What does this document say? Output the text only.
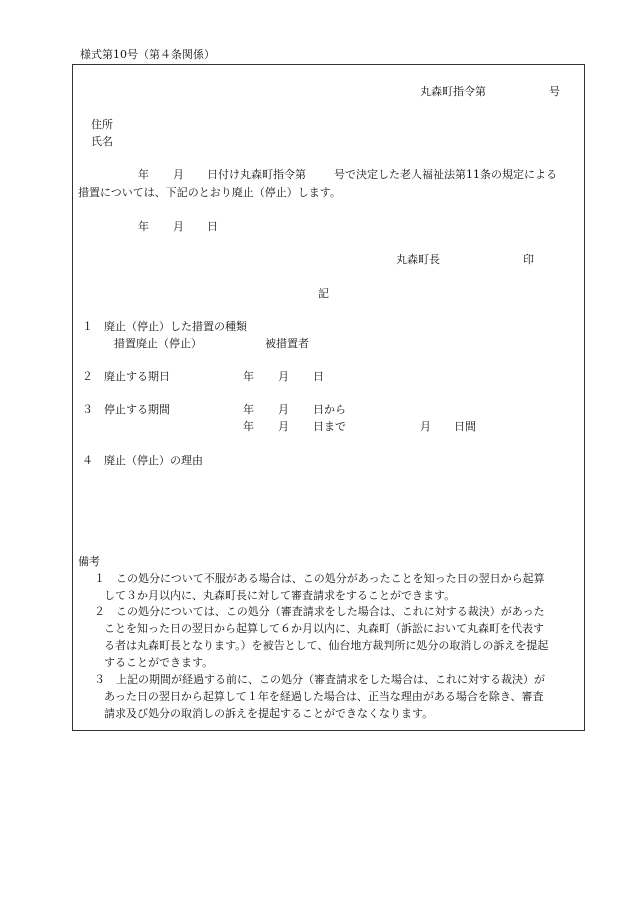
様式第10号（第４条関係）
丸森町指令第	号
住所
氏名
年 月 日付け丸森町指令第	号で決定した老人福祉法第11条の規定による
措置については、下記のとおり廃止（停止）します。
年 月 日
丸森町長	印
記
１　廃止（停止）した措置の種類
措置廃止（停止）	被措置者
２　廃止する期日	年 月 日
３　停止する期間	年 月 日から
年 月 日まで	月 日間
４　廃止（停止）の理由
備考
１　この処分について不服がある場合は、この処分があったことを知った日の翌日から起算
して３か月以内に、丸森町長に対して審査請求をすることができます。
２　この処分については、この処分（審査請求をした場合は、これに対する裁決）があった
ことを知った日の翌日から起算して６か月以内に、丸森町（訴訟において丸森町を代表す
る者は丸森町長となります。）を被告として、仙台地方裁判所に処分の取消しの訴えを提起
することができます。
３　上記の期間が経過する前に、この処分（審査請求をした場合は、これに対する裁決）が
あった日の翌日から起算して１年を経過した場合は、正当な理由がある場合を除き、審査
請求及び処分の取消しの訴えを提起することができなくなります。
